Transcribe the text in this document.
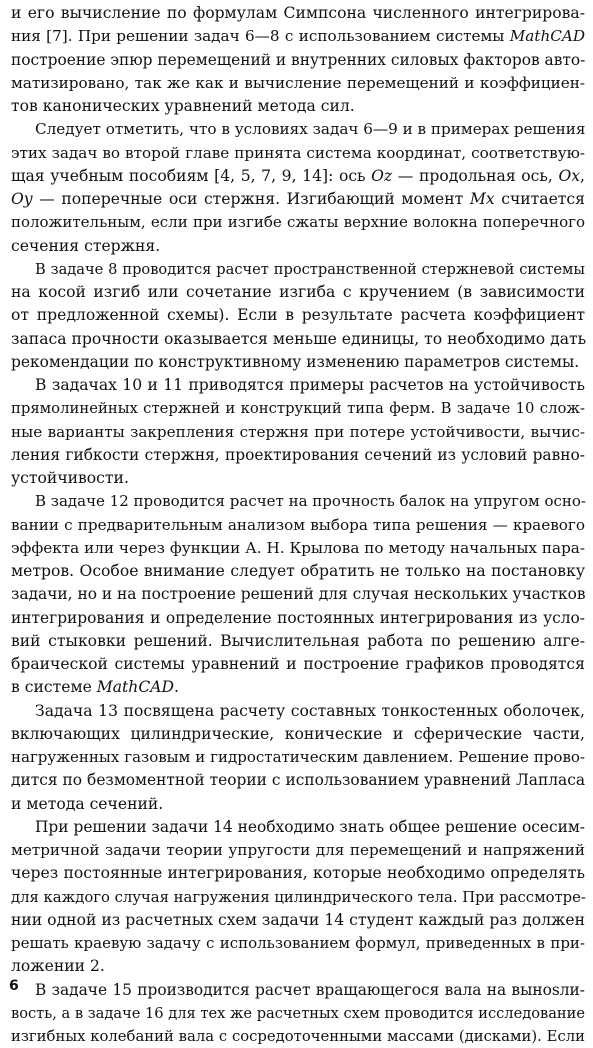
и его вычисление по формулам Симпсона численного интегрирова-
ния [7]. При решении задач 6—8 с использованием системы MathCAD
построение эпюр перемещений и внутренних силовых факторов авто-
матизировано, так же как и вычисление перемещений и коэффициен-
тов канонических уравнений метода сил.
Следует отметить, что в условиях задач 6—9 и в примерах решения
этих задач во второй главе принята система координат, соответствую-
щая учебным пособиям [4, 5, 7, 9, 14]: ось Oz — продольная ось, Ox,
Oy — поперечные оси стержня. Изгибающий момент Mx считается
положительным, если при изгибе сжаты верхние волокна поперечного
сечения стержня.
В задаче 8 проводится расчет пространственной стержневой системы
на косой изгиб или сочетание изгиба с кручением (в зависимости
от предложенной схемы). Если в результате расчета коэффициент
запаса прочности оказывается меньше единицы, то необходимо дать
рекомендации по конструктивному изменению параметров системы.
В задачах 10 и 11 приводятся примеры расчетов на устойчивость
прямолинейных стержней и конструкций типа ферм. В задаче 10 слож-
ные варианты закрепления стержня при потере устойчивости, вычис-
ления гибкости стержня, проектирования сечений из условий равно-
устойчивости.
В задаче 12 проводится расчет на прочность балок на упругом осно-
вании с предварительным анализом выбора типа решения — краевого
эффекта или через функции А. Н. Крылова по методу начальных пара-
метров. Особое внимание следует обратить не только на постановку
задачи, но и на построение решений для случая нескольких участков
интегрирования и определение постоянных интегрирования из усло-
вий стыковки решений. Вычислительная работа по решению алге-
браической системы уравнений и построение графиков проводятся
в системе MathCAD.
Задача 13 посвящена расчету составных тонкостенных оболочек,
включающих цилиндрические, конические и сферические части,
нагруженных газовым и гидростатическим давлением. Решение прово-
дится по безмоментной теории с использованием уравнений Лапласа
и метода сечений.
При решении задачи 14 необходимо знать общее решение осесим-
метричной задачи теории упругости для перемещений и напряжений
через постоянные интегрирования, которые необходимо определять
для каждого случая нагружения цилиндрического тела. При рассмотре-
нии одной из расчетных схем задачи 14 студент каждый раз должен
решать краевую задачу с использованием формул, приведенных в при-
ложении 2.
В задаче 15 производится расчет вращающегося вала на вынosли-
вость, а в задаче 16 для тех же расчетных схем проводится исследование
изгибных колебаний вала с сосредоточенными массами (дисками). Если
6
